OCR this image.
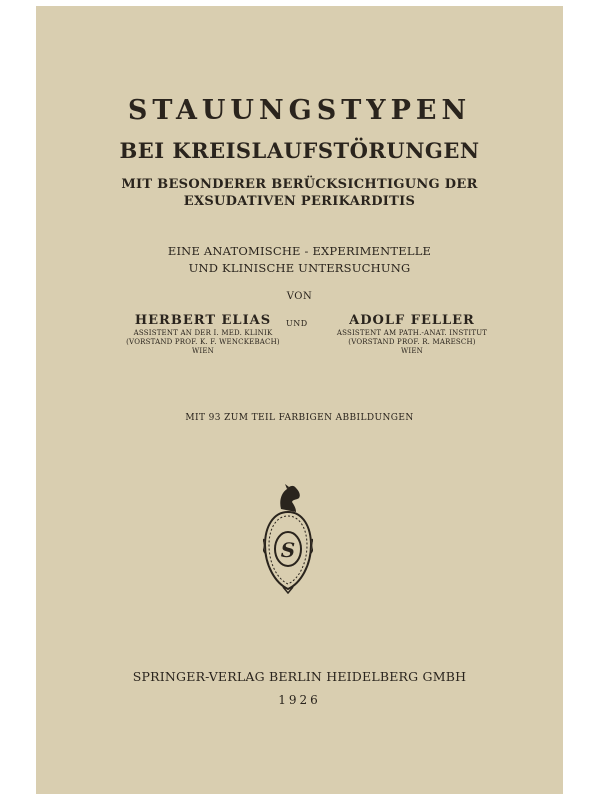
STAUUNGSTYPEN
BEI KREISLAUFSTÖRUNGEN
MIT BESONDERER BERÜCKSICHTIGUNG DER
EXSUDATIVEN PERIKARDITIS
EINE ANATOMISCHE - EXPERIMENTELLE
UND KLINISCHE UNTERSUCHUNG
VON
HERBERT ELIAS
ASSISTENT AN DER I. MED. KLINIK
(VORSTAND PROF. K. F. WENCKEBACH)
WIEN
UND	ADOLF FELLER
ASSISTENT AM PATH.-ANAT. INSTITUT
(VORSTAND PROF. R. MARESCH)
WIEN
MIT 93 ZUM TEIL FARBIGEN ABBILDUNGEN
S
SPRINGER-VERLAG BERLIN HEIDELBERG GMBH
1926
